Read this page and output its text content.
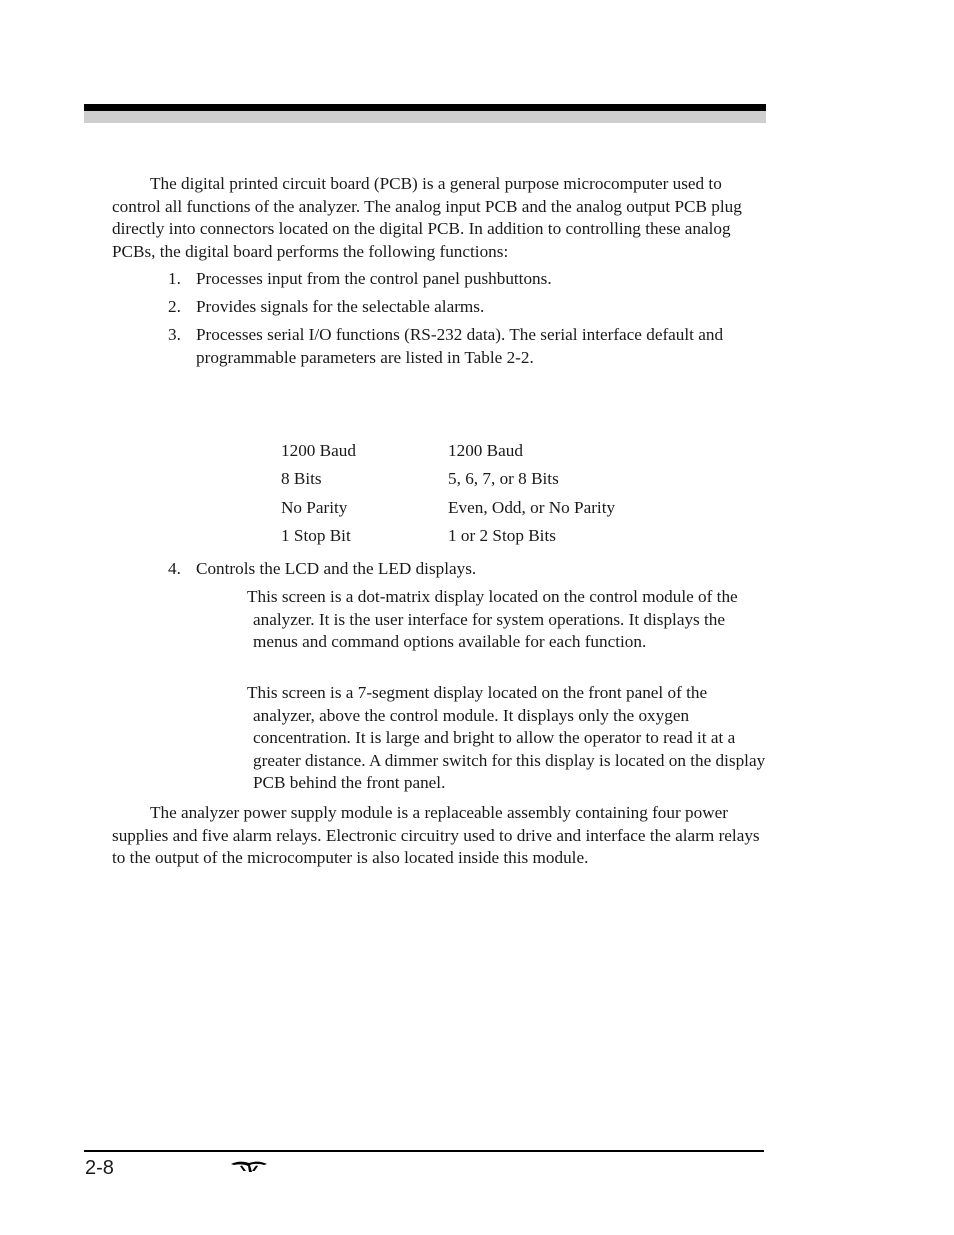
The digital printed circuit board (PCB) is a general purpose microcomputer used to control all functions of the analyzer. The analog input PCB and the analog output PCB plug directly into connectors located on the digital PCB. In addition to controlling these analog PCBs, the digital board performs the following functions:

1. Processes input from the control panel pushbuttons.
2. Provides signals for the selectable alarms.
3. Processes serial I/O functions (RS-232 data). The serial interface default and programmable parameters are listed in Table 2-2.
1200 Baud	1200 Baud
8 Bits	5, 6, 7, or 8 Bits
No Parity	Even, Odd, or No Parity
1 Stop Bit	1 or 2 Stop Bits
4. Controls the LCD and the LED displays.

This screen is a dot-matrix display located on the control module of the analyzer. It is the user interface for system operations. It displays the menus and command options available for each function.

This screen is a 7-segment display located on the front panel of the analyzer, above the control module. It displays only the oxygen concentration. It is large and bright to allow the operator to read it at a greater distance. A dimmer switch for this display is located on the display PCB behind the front panel.

The analyzer power supply module is a replaceable assembly containing four power supplies and five alarm relays. Electronic circuitry used to drive and interface the alarm relays to the output of the microcomputer is also located inside this module.

2-8
